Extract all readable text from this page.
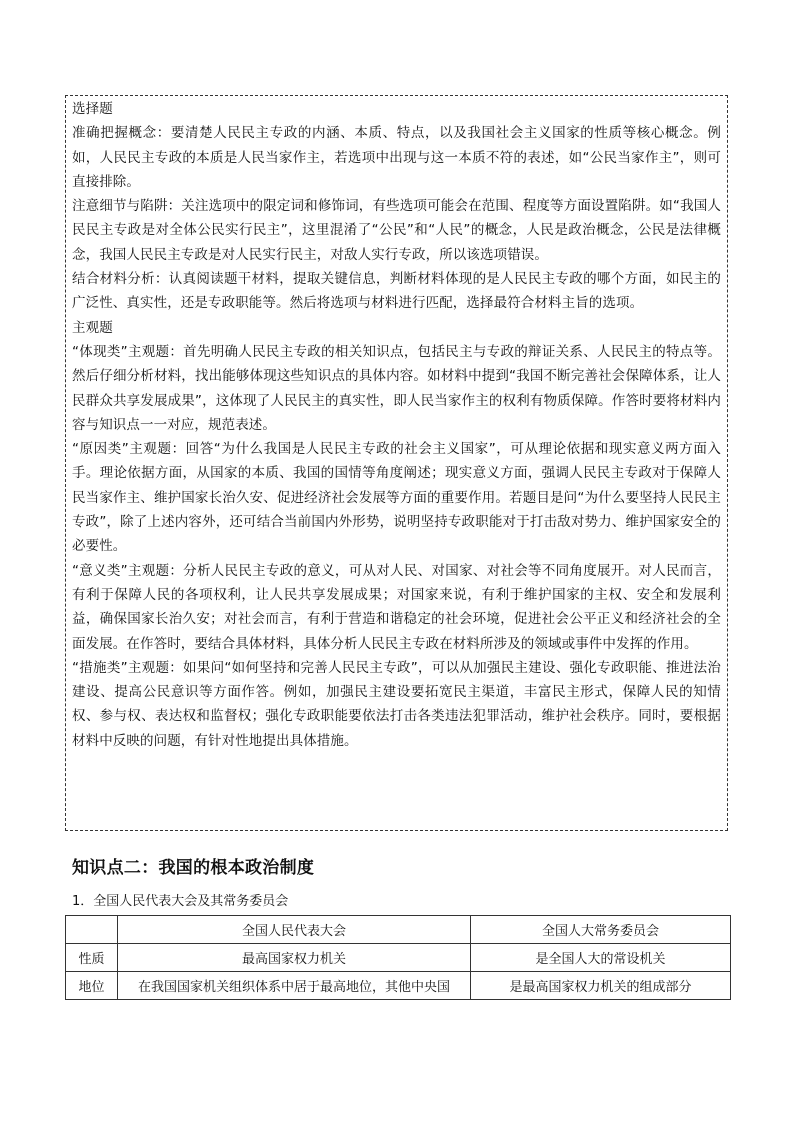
选择题

准确把握概念：要清楚人民民主专政的内涵、本质、特点，以及我国社会主义国家的性质等核心概念。例如，人民民主专政的本质是人民当家作主，若选项中出现与这一本质不符的表述，如“公民当家作主”，则可直接排除。

注意细节与陷阱：关注选项中的限定词和修饰词，有些选项可能会在范围、程度等方面设置陷阱。如“我国人民民主专政是对全体公民实行民主”，这里混淆了“公民”和“人民”的概念，人民是政治概念，公民是法律概念，我国人民民主专政是对人民实行民主，对敌人实行专政，所以该选项错误。

结合材料分析：认真阅读题干材料，提取关键信息，判断材料体现的是人民民主专政的哪个方面，如民主的广泛性、真实性，还是专政职能等。然后将选项与材料进行匹配，选择最符合材料主旨的选项。

主观题

“体现类”主观题：首先明确人民民主专政的相关知识点，包括民主与专政的辩证关系、人民民主的特点等。然后仔细分析材料，找出能够体现这些知识点的具体内容。如材料中提到“我国不断完善社会保障体系，让人民群众共享发展成果”，这体现了人民民主的真实性，即人民当家作主的权利有物质保障。作答时要将材料内容与知识点一一对应，规范表述。

“原因类”主观题：回答“为什么我国是人民民主专政的社会主义国家”，可从理论依据和现实意义两方面入手。理论依据方面，从国家的本质、我国的国情等角度阐述；现实意义方面，强调人民民主专政对于保障人民当家作主、维护国家长治久安、促进经济社会发展等方面的重要作用。若题目是问“为什么要坚持人民民主专政”，除了上述内容外，还可结合当前国内外形势，说明坚持专政职能对于打击敌对势力、维护国家安全的必要性。

“意义类”主观题：分析人民民主专政的意义，可从对人民、对国家、对社会等不同角度展开。对人民而言，有利于保障人民的各项权利，让人民共享发展成果；对国家来说，有利于维护国家的主权、安全和发展利益，确保国家长治久安；对社会而言，有利于营造和谐稳定的社会环境，促进社会公平正义和经济社会的全面发展。在作答时，要结合具体材料，具体分析人民民主专政在材料所涉及的领域或事件中发挥的作用。

“措施类”主观题：如果问“如何坚持和完善人民民主专政”，可以从加强民主建设、强化专政职能、推进法治建设、提高公民意识等方面作答。例如，加强民主建设要拓宽民主渠道，丰富民主形式，保障人民的知情权、参与权、表达权和监督权；强化专政职能要依法打击各类违法犯罪活动，维护社会秩序。同时，要根据材料中反映的问题，有针对性地提出具体措施。

知识点二：我国的根本政治制度

1．全国人民代表大会及其常务委员会

	全国人民代表大会	全国人大常务委员会
性质	最高国家权力机关	是全国人大的常设机关
地位	在我国国家机关组织体系中居于最高地位，其他中央国	是最高国家权力机关的组成部分
